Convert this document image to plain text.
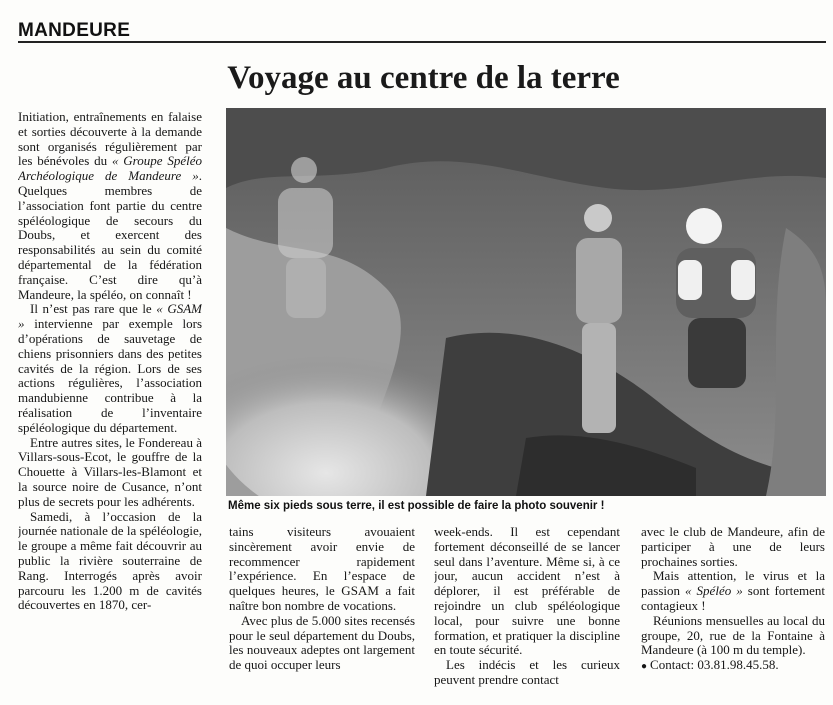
MANDEURE
Voyage au centre de la terre

Initiation, entraînements en falaise et sorties découverte à la demande sont organisés régulièrement par les bénévoles du « Groupe Spéléo Archéologique de Mandeure ». Quelques membres de l’association font partie du centre spéléologique de secours du Doubs, et exercent des responsabilités au sein du comité départemental de la fédération française. C’est dire qu’à Mandeure, la spéléo, on connaît !

Il n’est pas rare que le « GSAM » intervienne par exemple lors d’opérations de sauvetage de chiens prisonniers dans des petites cavités de la région. Lors de ses actions régulières, l’association mandubienne contribue à la réalisation de l’inventaire spéléologique du département.

Entre autres sites, le Fondereau à Villars-sous-Ecot, le gouffre de la Chouette à Villars-les-Blamont et la source noire de Cusance, n’ont plus de secrets pour les adhérents.

Samedi, à l’occasion de la journée nationale de la spéléologie, le groupe a même fait découvrir au public la rivière souterraine de Rang. Interrogés après avoir parcouru les 1.200 m de cavités découvertes en 1870, cer-

Même six pieds sous terre, il est possible de faire la photo souvenir !

tains visiteurs avouaient sincèrement avoir envie de recommencer rapidement l’expérience. En l’espace de quelques heures, le GSAM a fait naître bon nombre de vocations.

Avec plus de 5.000 sites recensés pour le seul département du Doubs, les nouveaux adeptes ont largement de quoi occuper leurs

week-ends. Il est cependant fortement déconseillé de se lancer seul dans l’aventure. Même si, à ce jour, aucun accident n’est à déplorer, il est préférable de rejoindre un club spéléologique local, pour suivre une bonne formation, et pratiquer la discipline en toute sécurité.

Les indécis et les curieux peuvent prendre contact

avec le club de Mandeure, afin de participer à une de leurs prochaines sorties.

Mais attention, le virus et la passion « Spéléo » sont fortement contagieux !

Réunions mensuelles au local du groupe, 20, rue de la Fontaine à Mandeure (à 100 m du temple).

● Contact: 03.81.98.45.58.
